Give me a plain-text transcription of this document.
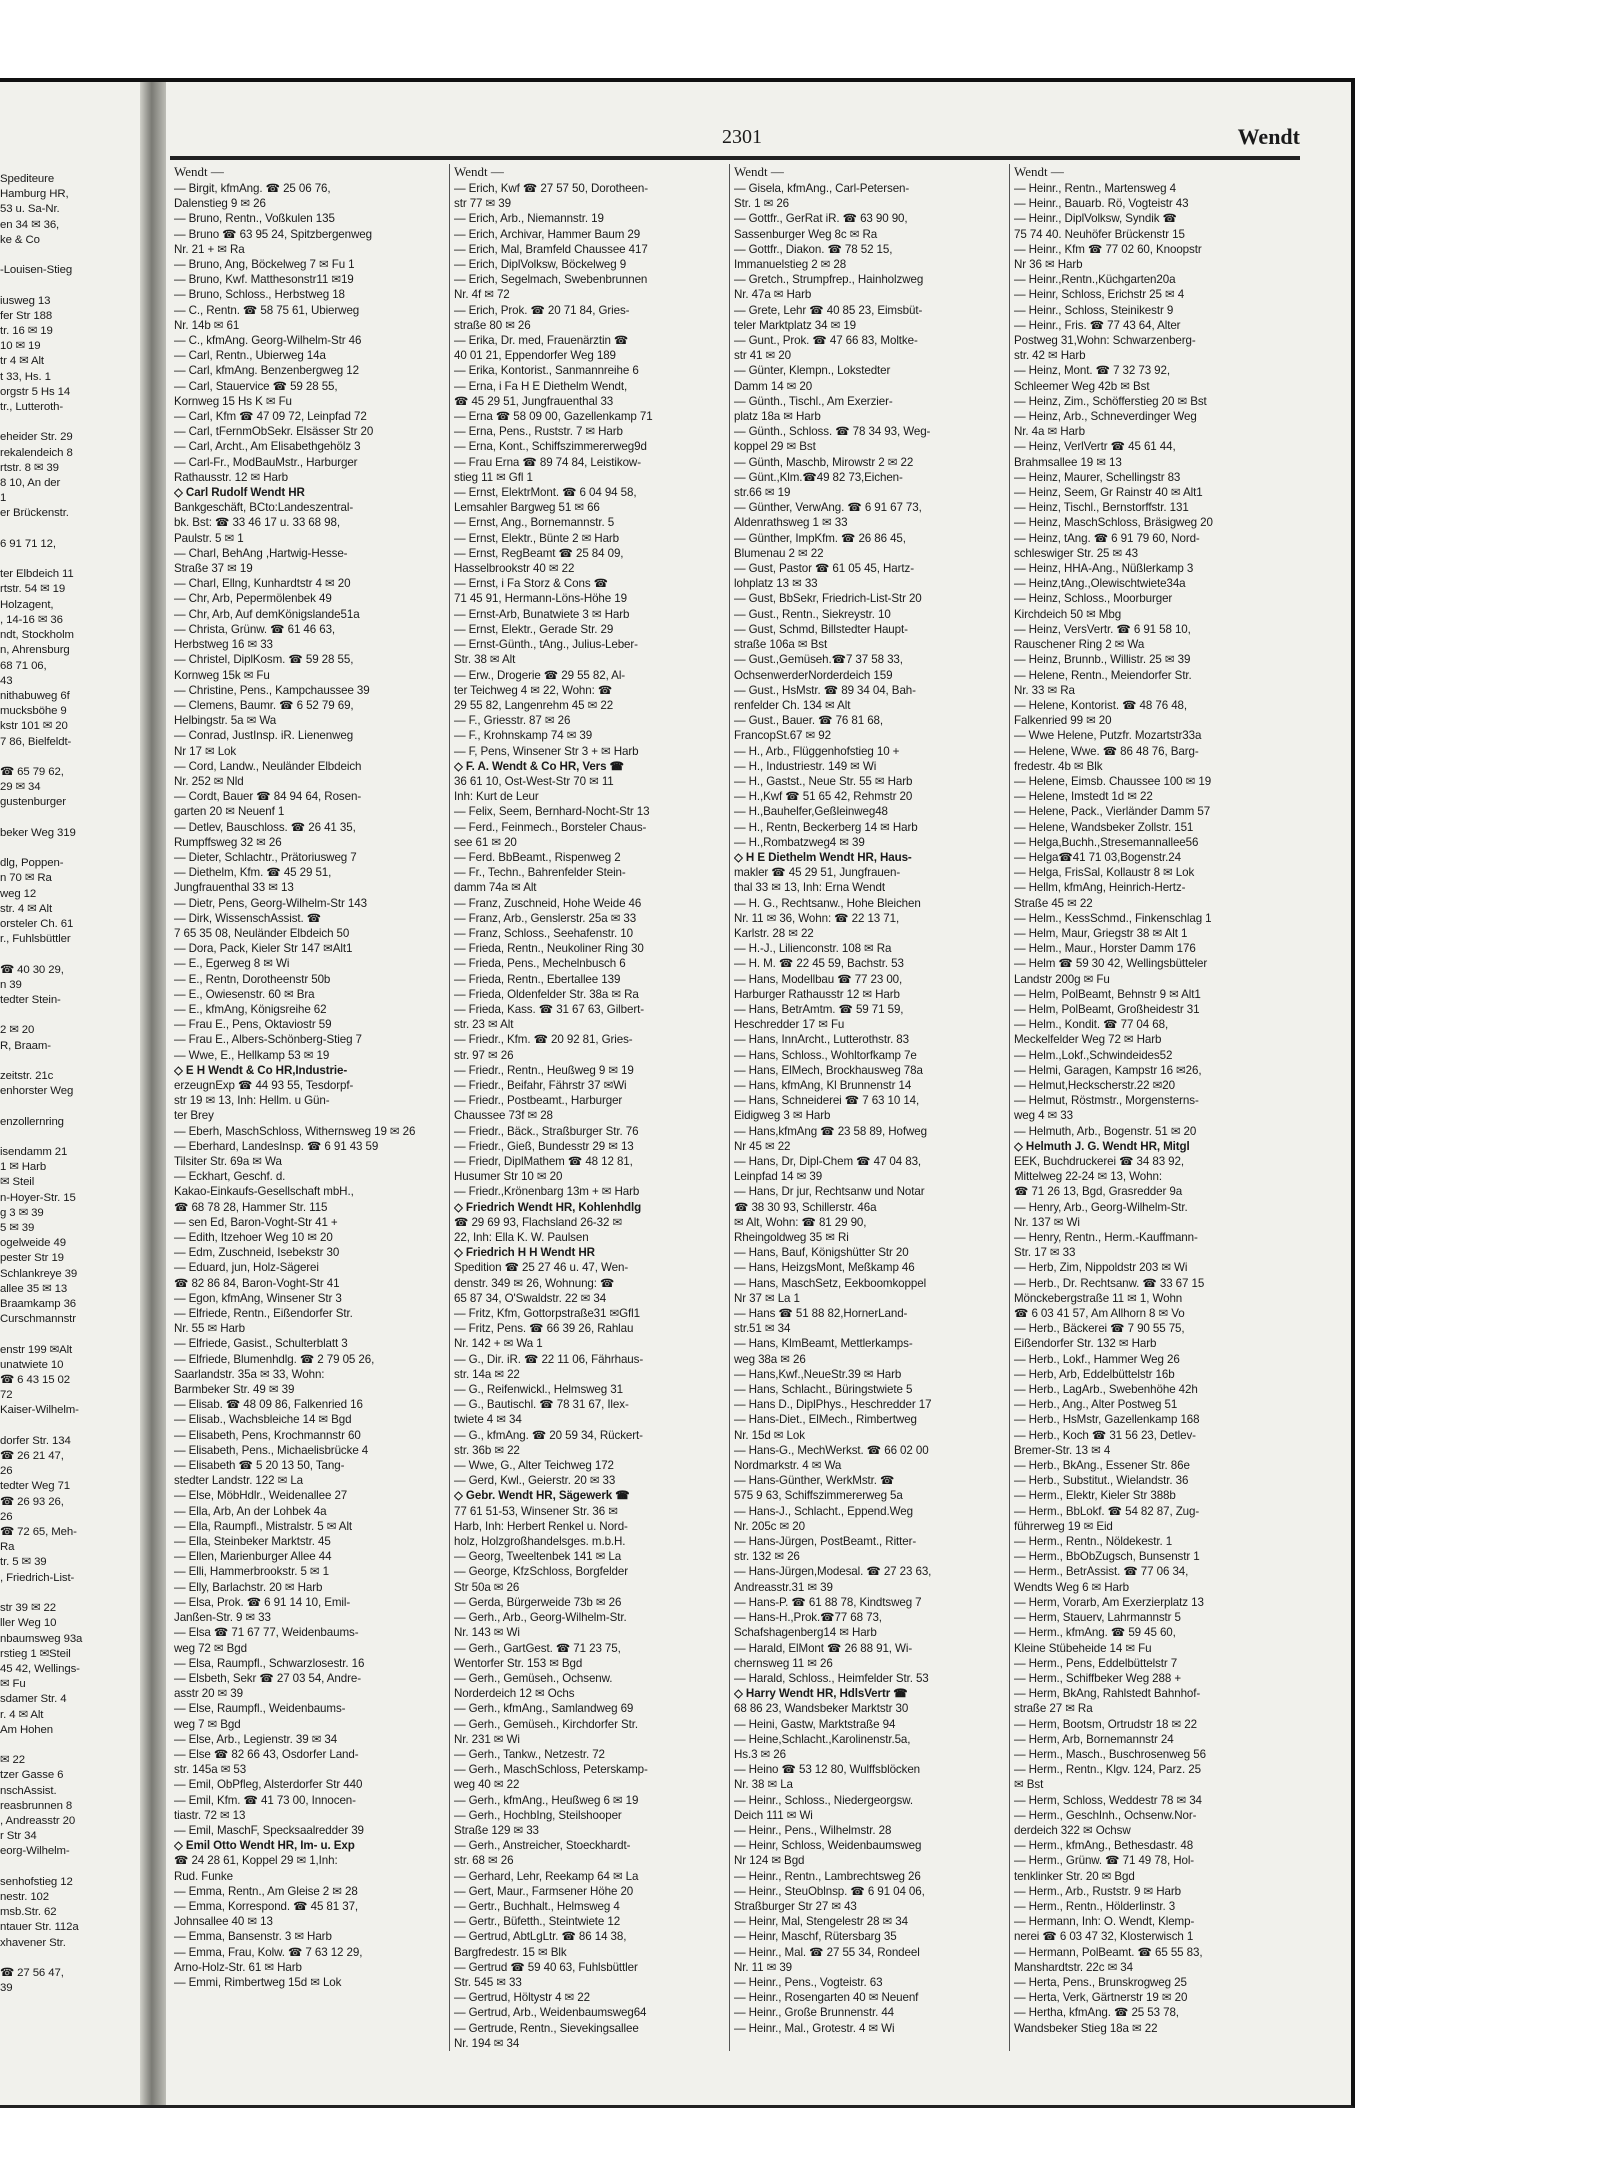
Spediteure
Hamburg HR,
53 u. Sa-Nr.
en 34 ✉ 36,
ke & Co

-Louisen-Stieg

iusweg 13
fer Str 188
tr. 16 ✉ 19
10 ✉ 19
tr 4 ✉ Alt
t 33, Hs. 1
orgstr 5 Hs 14
tr., Lutteroth-

eheider Str. 29
rekalendeich 8
rtstr. 8 ✉ 39
8 10, An der
1
er Brückenstr.

6 91 71 12,

ter Elbdeich 11
rtstr. 54 ✉ 19
Holzagent,
, 14-16 ✉ 36
ndt, Stockholm
n, Ahrensburg
68 71 06,
43
nithabuweg 6f
mucksböhe 9
kstr 101 ✉ 20
7 86, Bielfeldt-

☎ 65 79 62,
29 ✉ 34
gustenburger

beker Weg 319

dlg, Poppen-
n 70 ✉ Ra
weg 12
str. 4 ✉ Alt
orsteler Ch. 61
r., Fuhlsbüttler

☎ 40 30 29,
n 39
tedter Stein-

2 ✉ 20
R, Braam-

zeitstr. 21c
enhorster Weg

enzollernring

isendamm 21
1 ✉ Harb
✉ Steil
n-Hoyer-Str. 15
g 3 ✉ 39
5 ✉ 39
ogelweide 49
pester Str 19
Schlankreye 39
allee 35 ✉ 13
Braamkamp 36
Curschmannstr

enstr 199 ✉Alt
unatwiete 10
☎ 6 43 15 02
72
Kaiser-Wilhelm-

dorfer Str. 134
☎ 26 21 47,
26
tedter Weg 71
☎ 26 93 26,
26
☎ 72 65, Meh-
Ra
tr. 5 ✉ 39
, Friedrich-List-

str 39 ✉ 22
ller Weg 10
nbaumsweg 93a
rstieg 1 ✉Steil
45 42, Wellings-
✉ Fu
sdamer Str. 4
r. 4 ✉ Alt
Am Hohen

✉ 22
tzer Gasse 6
nschAssist.
reasbrunnen 8
, Andreasstr 20
r Str 34
eorg-Wilhelm-

senhofstieg 12
nestr. 102
msb.Str. 62
ntauer Str. 112a
xhavener Str.

☎ 27 56 47,
39
2301	Wendt
Wendt —
— Birgit, kfmAng. ☎ 25 06 76,
Dalenstieg 9 ✉ 26
— Bruno, Rentn., Voßkulen 135
— Bruno ☎ 63 95 24, Spitzbergenweg
Nr. 21 + ✉ Ra
— Bruno, Ang, Böckelweg 7 ✉ Fu 1
— Bruno, Kwf. Matthesonstr11 ✉19
— Bruno, Schloss., Herbstweg 18
— C., Rentn. ☎ 58 75 61, Ubierweg
Nr. 14b ✉ 61
— C., kfmAng. Georg-Wilhelm-Str 46
— Carl, Rentn., Ubierweg 14a
— Carl, kfmAng. Benzenbergweg 12
— Carl, Stauervice ☎ 59 28 55,
Kornweg 15 Hs K ✉ Fu
— Carl, Kfm ☎ 47 09 72, Leinpfad 72
— Carl, tFernmObSekr. Elsässer Str 20
— Carl, Archt., Am Elisabethgehölz 3
— Carl-Fr., ModBauMstr., Harburger
Rathausstr. 12 ✉ Harb
◇ Carl Rudolf Wendt HR
Bankgeschäft, BCto:Landeszentral-
bk. Bst: ☎ 33 46 17 u. 33 68 98,
Paulstr. 5 ✉ 1
— Charl, BehAng ,Hartwig-Hesse-
Straße 37 ✉ 19
— Charl, Ellng, Kunhardtstr 4 ✉ 20
— Chr, Arb, Pepermölenbek 49
— Chr, Arb, Auf demKönigslande51a
— Christa, Grünw. ☎ 61 46 63,
Herbstweg 16 ✉ 33
— Christel, DiplKosm. ☎ 59 28 55,
Kornweg 15k ✉ Fu
— Christine, Pens., Kampchaussee 39
— Clemens, Baumr. ☎ 6 52 79 69,
Helbingstr. 5a ✉ Wa
— Conrad, JustInsp. iR. Lienenweg
Nr 17 ✉ Lok
— Cord, Landw., Neuländer Elbdeich
Nr. 252 ✉ Nld
— Cordt, Bauer ☎ 84 94 64, Rosen-
garten 20 ✉ Neuenf 1
— Detlev, Bauschloss. ☎ 26 41 35,
Rumpffsweg 32 ✉ 26
— Dieter, Schlachtr., Prätoriusweg 7
— Diethelm, Kfm. ☎ 45 29 51,
Jungfrauenthal 33 ✉ 13
— Dietr, Pens, Georg-Wilhelm-Str 143
— Dirk, WissenschAssist. ☎
7 65 35 08, Neuländer Elbdeich 50
— Dora, Pack, Kieler Str 147 ✉Alt1
— E., Egerweg 8 ✉ Wi
— E., Rentn, Dorotheenstr 50b
— E., Owiesenstr. 60 ✉ Bra
— E., kfmAng, Königsreihe 62
— Frau E., Pens, Oktaviostr 59
— Frau E., Albers-Schönberg-Stieg 7
— Wwe, E., Hellkamp 53 ✉ 19
◇ E H Wendt & Co HR,Industrie-
erzeugnExp ☎ 44 93 55, Tesdorpf-
str 19 ✉ 13, Inh: Hellm. u Gün-
ter Brey
— Eberh, MaschSchloss, Withernsweg 19 ✉ 26
— Eberhard, LandesInsp. ☎ 6 91 43 59
Tilsiter Str. 69a ✉ Wa
— Eckhart, Geschf. d.
Kakao-Einkaufs-Gesellschaft mbH.,
☎ 68 78 28, Hammer Str. 115
— sen Ed, Baron-Voght-Str 41 +
— Edith, Itzehoer Weg 10 ✉ 20
— Edm, Zuschneid, Isebekstr 30
— Eduard, jun, Holz-Sägerei
☎ 82 86 84, Baron-Voght-Str 41
— Egon, kfmAng, Winsener Str 3
— Elfriede, Rentn., Eißendorfer Str.
Nr. 55 ✉ Harb
— Elfriede, Gasist., Schulterblatt 3
— Elfriede, Blumenhdlg. ☎ 2 79 05 26,
Saarlandstr. 35a ✉ 33, Wohn:
Barmbeker Str. 49 ✉ 39
— Elisab. ☎ 48 09 86, Falkenried 16
— Elisab., Wachsbleiche 14 ✉ Bgd
— Elisabeth, Pens, Krochmannstr 60
— Elisabeth, Pens., Michaelisbrücke 4
— Elisabeth ☎ 5 20 13 50, Tang-
stedter Landstr. 122 ✉ La
— Else, MöbHdlr., Weidenallee 27
— Ella, Arb, An der Lohbek 4a
— Ella, Raumpfl., Mistralstr. 5 ✉ Alt
— Ella, Steinbeker Marktstr. 45
— Ellen, Marienburger Allee 44
— Elli, Hammerbrookstr. 5 ✉ 1
— Elly, Barlachstr. 20 ✉ Harb
— Elsa, Prok. ☎ 6 91 14 10, Emil-
Janßen-Str. 9 ✉ 33
— Elsa ☎ 71 67 77, Weidenbaums-
weg 72 ✉ Bgd
— Elsa, Raumpfl., Schwarzlosestr. 16
— Elsbeth, Sekr ☎ 27 03 54, Andre-
asstr 20 ✉ 39
— Else, Raumpfl., Weidenbaums-
weg 7 ✉ Bgd
— Else, Arb., Legienstr. 39 ✉ 34
— Else ☎ 82 66 43, Osdorfer Land-
str. 145a ✉ 53
— Emil, ObPfleg, Alsterdorfer Str 440
— Emil, Kfm. ☎ 41 73 00, Innocen-
tiastr. 72 ✉ 13
— Emil, MaschF, Specksaalredder 39
◇ Emil Otto Wendt HR, Im- u. Exp
☎ 24 28 61, Koppel 29 ✉ 1,Inh:
Rud. Funke
— Emma, Rentn., Am Gleise 2 ✉ 28
— Emma, Korrespond. ☎ 45 81 37,
Johnsallee 40 ✉ 13
— Emma, Bansenstr. 3 ✉ Harb
— Emma, Frau, Kolw. ☎ 7 63 12 29,
Arno-Holz-Str. 61 ✉ Harb
— Emmi, Rimbertweg 15d ✉ Lok
Wendt —
— Erich, Kwf ☎ 27 57 50, Dorotheen-
str 77 ✉ 39
— Erich, Arb., Niemannstr. 19
— Erich, Archivar, Hammer Baum 29
— Erich, Mal, Bramfeld Chaussee 417
— Erich, DiplVolksw, Böckelweg 9
— Erich, Segelmach, Swebenbrunnen
Nr. 4f ✉ 72
— Erich, Prok. ☎ 20 71 84, Gries-
straße 80 ✉ 26
— Erika, Dr. med, Frauenärztin ☎
40 01 21, Eppendorfer Weg 189
— Erika, Kontorist., Sanmannreihe 6
— Erna, i Fa H E Diethelm Wendt,
☎ 45 29 51, Jungfrauenthal 33
— Erna ☎ 58 09 00, Gazellenkamp 71
— Erna, Pens., Ruststr. 7 ✉ Harb
— Erna, Kont., Schiffszimmererweg9d
— Frau Erna ☎ 89 74 84, Leistikow-
stieg 11 ✉ Gfl 1
— Ernst, ElektrMont. ☎ 6 04 94 58,
Lemsahler Bargweg 51 ✉ 66
— Ernst, Ang., Bornemannstr. 5
— Ernst, Elektr., Bünte 2 ✉ Harb
— Ernst, RegBeamt ☎ 25 84 09,
Hasselbrookstr 40 ✉ 22
— Ernst, i Fa Storz & Cons ☎
71 45 91, Hermann-Löns-Höhe 19
— Ernst-Arb, Bunatwiete 3 ✉ Harb
— Ernst, Elektr., Gerade Str. 29
— Ernst-Günth., tAng., Julius-Leber-
Str. 38 ✉ Alt
— Erw., Drogerie ☎ 29 55 82, Al-
ter Teichweg 4 ✉ 22, Wohn: ☎
29 55 82, Langenrehm 45 ✉ 22
— F., Griesstr. 87 ✉ 26
— F., Krohnskamp 74 ✉ 39
— F, Pens, Winsener Str 3 + ✉ Harb
◇ F. A. Wendt & Co HR, Vers ☎
36 61 10, Ost-West-Str 70 ✉ 11
Inh: Kurt de Leur
— Felix, Seem, Bernhard-Nocht-Str 13
— Ferd., Feinmech., Borsteler Chaus-
see 61 ✉ 20
— Ferd. BbBeamt., Rispenweg 2
— Fr., Techn., Bahrenfelder Stein-
damm 74a ✉ Alt
— Franz, Zuschneid, Hohe Weide 46
— Franz, Arb., Genslerstr. 25a ✉ 33
— Franz, Schloss., Seehafenstr. 10
— Frieda, Rentn., Neukoliner Ring 30
— Frieda, Pens., Mechelnbusch 6
— Frieda, Rentn., Ebertallee 139
— Frieda, Oldenfelder Str. 38a ✉ Ra
— Frieda, Kass. ☎ 31 67 63, Gilbert-
str. 23 ✉ Alt
— Friedr., Kfm. ☎ 20 92 81, Gries-
str. 97 ✉ 26
— Friedr., Rentn., Heußweg 9 ✉ 19
— Friedr., Beifahr, Fährstr 37 ✉Wi
— Friedr., Postbeamt., Harburger
Chaussee 73f ✉ 28
— Friedr., Bäck., Straßburger Str. 76
— Friedr., Gieß, Bundesstr 29 ✉ 13
— Friedr, DiplMathem ☎ 48 12 81,
Husumer Str 10 ✉ 20
— Friedr.,Krönenbarg 13m + ✉ Harb
◇ Friedrich Wendt HR, Kohlenhdlg
☎ 29 69 93, Flachsland 26-32 ✉
22, Inh: Ella K. W. Paulsen
◇ Friedrich H H Wendt HR
Spedition ☎ 25 27 46 u. 47, Wen-
denstr. 349 ✉ 26, Wohnung: ☎
65 87 34, O'Swaldstr. 22 ✉ 34
— Fritz, Kfm, Gottorpstraße31 ✉Gfl1
— Fritz, Pens. ☎ 66 39 26, Rahlau
Nr. 142 + ✉ Wa 1
— G., Dir. iR. ☎ 22 11 06, Fährhaus-
str. 14a ✉ 22
— G., Reifenwickl., Helmsweg 31
— G., Bautischl. ☎ 78 31 67, Ilex-
twiete 4 ✉ 34
— G., kfmAng. ☎ 20 59 34, Rückert-
str. 36b ✉ 22
— Wwe, G., Alter Teichweg 172
— Gerd, Kwl., Geierstr. 20 ✉ 33
◇ Gebr. Wendt HR, Sägewerk ☎
77 61 51-53, Winsener Str. 36 ✉
Harb, Inh: Herbert Renkel u. Nord-
holz, Holzgroßhandelsges. m.b.H.
— Georg, Tweeltenbek 141 ✉ La
— George, KfzSchloss, Borgfelder
Str 50a ✉ 26
— Gerda, Bürgerweide 73b ✉ 26
— Gerh., Arb., Georg-Wilhelm-Str.
Nr. 143 ✉ Wi
— Gerh., GartGest. ☎ 71 23 75,
Wentorfer Str. 153 ✉ Bgd
— Gerh., Gemüseh., Ochsenw.
Norderdeich 12 ✉ Ochs
— Gerh., kfmAng., Samlandweg 69
— Gerh., Gemüseh., Kirchdorfer Str.
Nr. 231 ✉ Wi
— Gerh., Tankw., Netzestr. 72
— Gerh., MaschSchloss, Peterskamp-
weg 40 ✉ 22
— Gerh., kfmAng., Heußweg 6 ✉ 19
— Gerh., HochbIng, Steilshooper
Straße 129 ✉ 33
— Gerh., Anstreicher, Stoeckhardt-
str. 68 ✉ 26
— Gerhard, Lehr, Reekamp 64 ✉ La
— Gert, Maur., Farmsener Höhe 20
— Gertr., Buchhalt., Helmsweg 4
— Gertr., Büfetth., Steintwiete 12
— Gertrud, AbtLgLtr. ☎ 86 14 38,
Bargfredestr. 15 ✉ Blk
— Gertrud ☎ 59 40 63, Fuhlsbüttler
Str. 545 ✉ 33
— Gertrud, Höltystr 4 ✉ 22
— Gertrud, Arb., Weidenbaumsweg64
— Gertrude, Rentn., Sievekingsallee
Nr. 194 ✉ 34
Wendt —
— Gisela, kfmAng., Carl-Petersen-
Str. 1 ✉ 26
— Gottfr., GerRat iR. ☎ 63 90 90,
Sassenburger Weg 8c ✉ Ra
— Gottfr., Diakon. ☎ 78 52 15,
Immanuelstieg 2 ✉ 28
— Gretch., Strumpfrep., Hainholzweg
Nr. 47a ✉ Harb
— Grete, Lehr ☎ 40 85 23, Eimsbüt-
teler Marktplatz 34 ✉ 19
— Gunt., Prok. ☎ 47 66 83, Moltke-
str 41 ✉ 20
— Günter, Klempn., Lokstedter
Damm 14 ✉ 20
— Günth., Tischl., Am Exerzier-
platz 18a ✉ Harb
— Günth., Schloss. ☎ 78 34 93, Weg-
koppel 29 ✉ Bst
— Günth, Maschb, Mirowstr 2 ✉ 22
— Günt.,Klm.☎49 82 73,Eichen-
str.66 ✉ 19
— Günther, VerwAng. ☎ 6 91 67 73,
Aldenrathsweg 1 ✉ 33
— Günther, ImpKfm. ☎ 26 86 45,
Blumenau 2 ✉ 22
— Gust, Pastor ☎ 61 05 45, Hartz-
lohplatz 13 ✉ 33
— Gust, BbSekr, Friedrich-List-Str 20
— Gust., Rentn., Siekreystr. 10
— Gust, Schmd, Billstedter Haupt-
straße 106a ✉ Bst
— Gust.,Gemüseh.☎7 37 58 33,
OchsenwerderNorderdeich 159
— Gust., HsMstr. ☎ 89 34 04, Bah-
renfelder Ch. 134 ✉ Alt
— Gust., Bauer. ☎ 76 81 68,
FrancopSt.67 ✉ 92
— H., Arb., Flüggenhofstieg 10 +
— H., Industriestr. 149 ✉ Wi
— H., Gastst., Neue Str. 55 ✉ Harb
— H.,Kwf ☎ 51 65 42, Rehmstr 20
— H.,Bauhelfer,Geßleinweg48
— H., Rentn, Beckerberg 14 ✉ Harb
— H.,Rombatzweg4 ✉ 39
◇ H E Diethelm Wendt HR, Haus-
makler ☎ 45 29 51, Jungfrauen-
thal 33 ✉ 13, Inh: Erna Wendt
— H. G., Rechtsanw., Hohe Bleichen
Nr. 11 ✉ 36, Wohn: ☎ 22 13 71,
Karlstr. 28 ✉ 22
— H.-J., Lilienconstr. 108 ✉ Ra
— H. M. ☎ 22 45 59, Bachstr. 53
— Hans, Modellbau ☎ 77 23 00,
Harburger Rathausstr 12 ✉ Harb
— Hans, BetrAmtm. ☎ 59 71 59,
Heschredder 17 ✉ Fu
— Hans, InnArcht., Lutterothstr. 83
— Hans, Schloss., Wohltorfkamp 7e
— Hans, ElMech, Brockhausweg 78a
— Hans, kfmAng, Kl Brunnenstr 14
— Hans, Schneiderei ☎ 7 63 10 14,
Eidigweg 3 ✉ Harb
— Hans,kfmAng ☎ 23 58 89, Hofweg
Nr 45 ✉ 22
— Hans, Dr, Dipl-Chem ☎ 47 04 83,
Leinpfad 14 ✉ 39
— Hans, Dr jur, Rechtsanw und Notar
☎ 38 30 93, Schillerstr. 46a
✉ Alt, Wohn: ☎ 81 29 90,
Rheingoldweg 35 ✉ Ri
— Hans, Bauf, Königshütter Str 20
— Hans, HeizgsMont, Meßkamp 46
— Hans, MaschSetz, Eekboomkoppel
Nr 37 ✉ La 1
— Hans ☎ 51 88 82,HornerLand-
str.51 ✉ 34
— Hans, KlmBeamt, Mettlerkamps-
weg 38a ✉ 26
— Hans,Kwf.,NeueStr.39 ✉ Harb
— Hans, Schlacht., Büringstwiete 5
— Hans D., DiplPhys., Heschredder 17
— Hans-Diet., ElMech., Rimbertweg
Nr. 15d ✉ Lok
— Hans-G., MechWerkst. ☎ 66 02 00
Nordmarkstr. 4 ✉ Wa
— Hans-Günther, WerkMstr. ☎
575 9 63, Schiffszimmererweg 5a
— Hans-J., Schlacht., Eppend.Weg
Nr. 205c ✉ 20
— Hans-Jürgen, PostBeamt., Ritter-
str. 132 ✉ 26
— Hans-Jürgen,Modesal. ☎ 27 23 63,
Andreasstr.31 ✉ 39
— Hans-P. ☎ 61 88 78, Kindtsweg 7
— Hans-H.,Prok.☎77 68 73,
Schafshagenberg14 ✉ Harb
— Harald, ElMont ☎ 26 88 91, Wi-
chernsweg 11 ✉ 26
— Harald, Schloss., Heimfelder Str. 53
◇ Harry Wendt HR, HdlsVertr ☎
68 86 23, Wandsbeker Marktstr 30
— Heini, Gastw, Marktstraße 94
— Heine,Schlacht.,Karolinenstr.5a,
Hs.3 ✉ 26
— Heino ☎ 53 12 80, Wulffsblöcken
Nr. 38 ✉ La
— Heinr., Schloss., Niedergeorgsw.
Deich 111 ✉ Wi
— Heinr., Pens., Wilhelmstr. 28
— Heinr, Schloss, Weidenbaumsweg
Nr 124 ✉ Bgd
— Heinr., Rentn., Lambrechtsweg 26
— Heinr., SteuOblnsp. ☎ 6 91 04 06,
Straßburger Str 27 ✉ 43
— Heinr, Mal, Stengelestr 28 ✉ 34
— Heinr, Maschf, Rütersbarg 35
— Heinr., Mal. ☎ 27 55 34, Rondeel
Nr. 11 ✉ 39
— Heinr., Pens., Vogteistr. 63
— Heinr., Rosengarten 40 ✉ Neuenf
— Heinr., Große Brunnenstr. 44
— Heinr., Mal., Grotestr. 4 ✉ Wi
Wendt —
— Heinr., Rentn., Martensweg 4
— Heinr., Bauarb. Rö, Vogteistr 43
— Heinr., DiplVolksw, Syndik ☎
75 74 40. Neuhöfer Brückenstr 15
— Heinr., Kfm ☎ 77 02 60, Knoopstr
Nr 36 ✉ Harb
— Heinr.,Rentn.,Küchgarten20a
— Heinr, Schloss, Erichstr 25 ✉ 4
— Heinr., Schloss, Steinikestr 9
— Heinr., Fris. ☎ 77 43 64, Alter
Postweg 31,Wohn: Schwarzenberg-
str. 42 ✉ Harb
— Heinz, Mont. ☎ 7 32 73 92,
Schleemer Weg 42b ✉ Bst
— Heinz, Zim., Schöfferstieg 20 ✉ Bst
— Heinz, Arb., Schneverdinger Weg
Nr. 4a ✉ Harb
— Heinz, VerlVertr ☎ 45 61 44,
Brahmsallee 19 ✉ 13
— Heinz, Maurer, Schellingstr 83
— Heinz, Seem, Gr Rainstr 40 ✉ Alt1
— Heinz, Tischl., Bernstorffstr. 131
— Heinz, MaschSchloss, Bräsigweg 20
— Heinz, tAng. ☎ 6 91 79 60, Nord-
schleswiger Str. 25 ✉ 43
— Heinz, HHA-Ang., Nüßlerkamp 3
— Heinz,tAng.,Olewischtwiete34a
— Heinz, Schloss., Moorburger
Kirchdeich 50 ✉ Mbg
— Heinz, VersVertr. ☎ 6 91 58 10,
Rauschener Ring 2 ✉ Wa
— Heinz, Brunnb., Willistr. 25 ✉ 39
— Helene, Rentn., Meiendorfer Str.
Nr. 33 ✉ Ra
— Helene, Kontorist. ☎ 48 76 48,
Falkenried 99 ✉ 20
— Wwe Helene, Putzfr. Mozartstr33a
— Helene, Wwe. ☎ 86 48 76, Barg-
fredestr. 4b ✉ Blk
— Helene, Eimsb. Chaussee 100 ✉ 19
— Helene, Imstedt 1d ✉ 22
— Helene, Pack., Vierländer Damm 57
— Helene, Wandsbeker Zollstr. 151
— Helga,Buchh.,Stresemannallee56
— Helga☎41 71 03,Bogenstr.24
— Helga, FrisSal, Kollaustr 8 ✉ Lok
— Hellm, kfmAng, Heinrich-Hertz-
Straße 45 ✉ 22
— Helm., KessSchmd., Finkenschlag 1
— Helm, Maur, Griegstr 38 ✉ Alt 1
— Helm., Maur., Horster Damm 176
— Helm ☎ 59 30 42, Wellingsbütteler
Landstr 200g ✉ Fu
— Helm, PolBeamt, Behnstr 9 ✉ Alt1
— Helm, PolBeamt, Großheidestr 31
— Helm., Kondit. ☎ 77 04 68,
Meckelfelder Weg 72 ✉ Harb
— Helm.,Lokf.,Schwindeides52
— Helmi, Garagen, Kampstr 16 ✉26,
— Helmut,Heckscherstr.22 ✉20
— Helmut, Röstmstr., Morgensterns-
weg 4 ✉ 33
— Helmuth, Arb., Bogenstr. 51 ✉ 20
◇ Helmuth J. G. Wendt HR, Mitgl
EEK, Buchdruckerei ☎ 34 83 92,
Mittelweg 22-24 ✉ 13, Wohn:
☎ 71 26 13, Bgd, Grasredder 9a
— Henry, Arb., Georg-Wilhelm-Str.
Nr. 137 ✉ Wi
— Henry, Rentn., Herm.-Kauffmann-
Str. 17 ✉ 33
— Herb, Zim, Nippoldstr 203 ✉ Wi
— Herb., Dr. Rechtsanw. ☎ 33 67 15
Mönckebergstraße 11 ✉ 1, Wohn
☎ 6 03 41 57, Am Allhorn 8 ✉ Vo
— Herb., Bäckerei ☎ 7 90 55 75,
Eißendorfer Str. 132 ✉ Harb
— Herb., Lokf., Hammer Weg 26
— Herb, Arb, Eddelbüttelstr 16b
— Herb., LagArb., Swebenhöhe 42h
— Herb., Ang., Alter Postweg 51
— Herb., HsMstr, Gazellenkamp 168
— Herb., Koch ☎ 31 56 23, Detlev-
Bremer-Str. 13 ✉ 4
— Herb., BkAng., Essener Str. 86e
— Herb., Substitut., Wielandstr. 36
— Herm., Elektr, Kieler Str 388b
— Herm., BbLokf. ☎ 54 82 87, Zug-
führerweg 19 ✉ Eid
— Herm., Rentn., Nöldekestr. 1
— Herm., BbObZugsch, Bunsenstr 1
— Herm., BetrAssist. ☎ 77 06 34,
Wendts Weg 6 ✉ Harb
— Herm, Vorarb, Am Exerzierplatz 13
— Herm, Stauerv, Lahrmannstr 5
— Herm., kfmAng. ☎ 59 45 60,
Kleine Stübeheide 14 ✉ Fu
— Herm., Pens, Eddelbüttelstr 7
— Herm., Schiffbeker Weg 288 +
— Herm, BkAng, Rahlstedt Bahnhof-
straße 27 ✉ Ra
— Herm, Bootsm, Ortrudstr 18 ✉ 22
— Herm, Arb, Bornemannstr 24
— Herm., Masch., Buschrosenweg 56
— Herm., Rentn., Klgv. 124, Parz. 25
✉ Bst
— Herm, Schloss, Weddestr 78 ✉ 34
— Herm., GeschInh., Ochsenw.Nor-
derdeich 322 ✉ Ochsw
— Herm., kfmAng., Bethesdastr. 48
— Herm., Grünw. ☎ 71 49 78, Hol-
tenklinker Str. 20 ✉ Bgd
— Herm., Arb., Ruststr. 9 ✉ Harb
— Herm., Rentn., Hölderlinstr. 3
— Hermann, Inh: O. Wendt, Klemp-
nerei ☎ 6 03 47 32, Klosterwisch 1
— Hermann, PolBeamt. ☎ 65 55 83,
Manshardtstr. 22c ✉ 34
— Herta, Pens., Brunskrogweg 25
— Herta, Verk, Gärtnerstr 19 ✉ 20
— Hertha, kfmAng. ☎ 25 53 78,
Wandsbeker Stieg 18a ✉ 22
